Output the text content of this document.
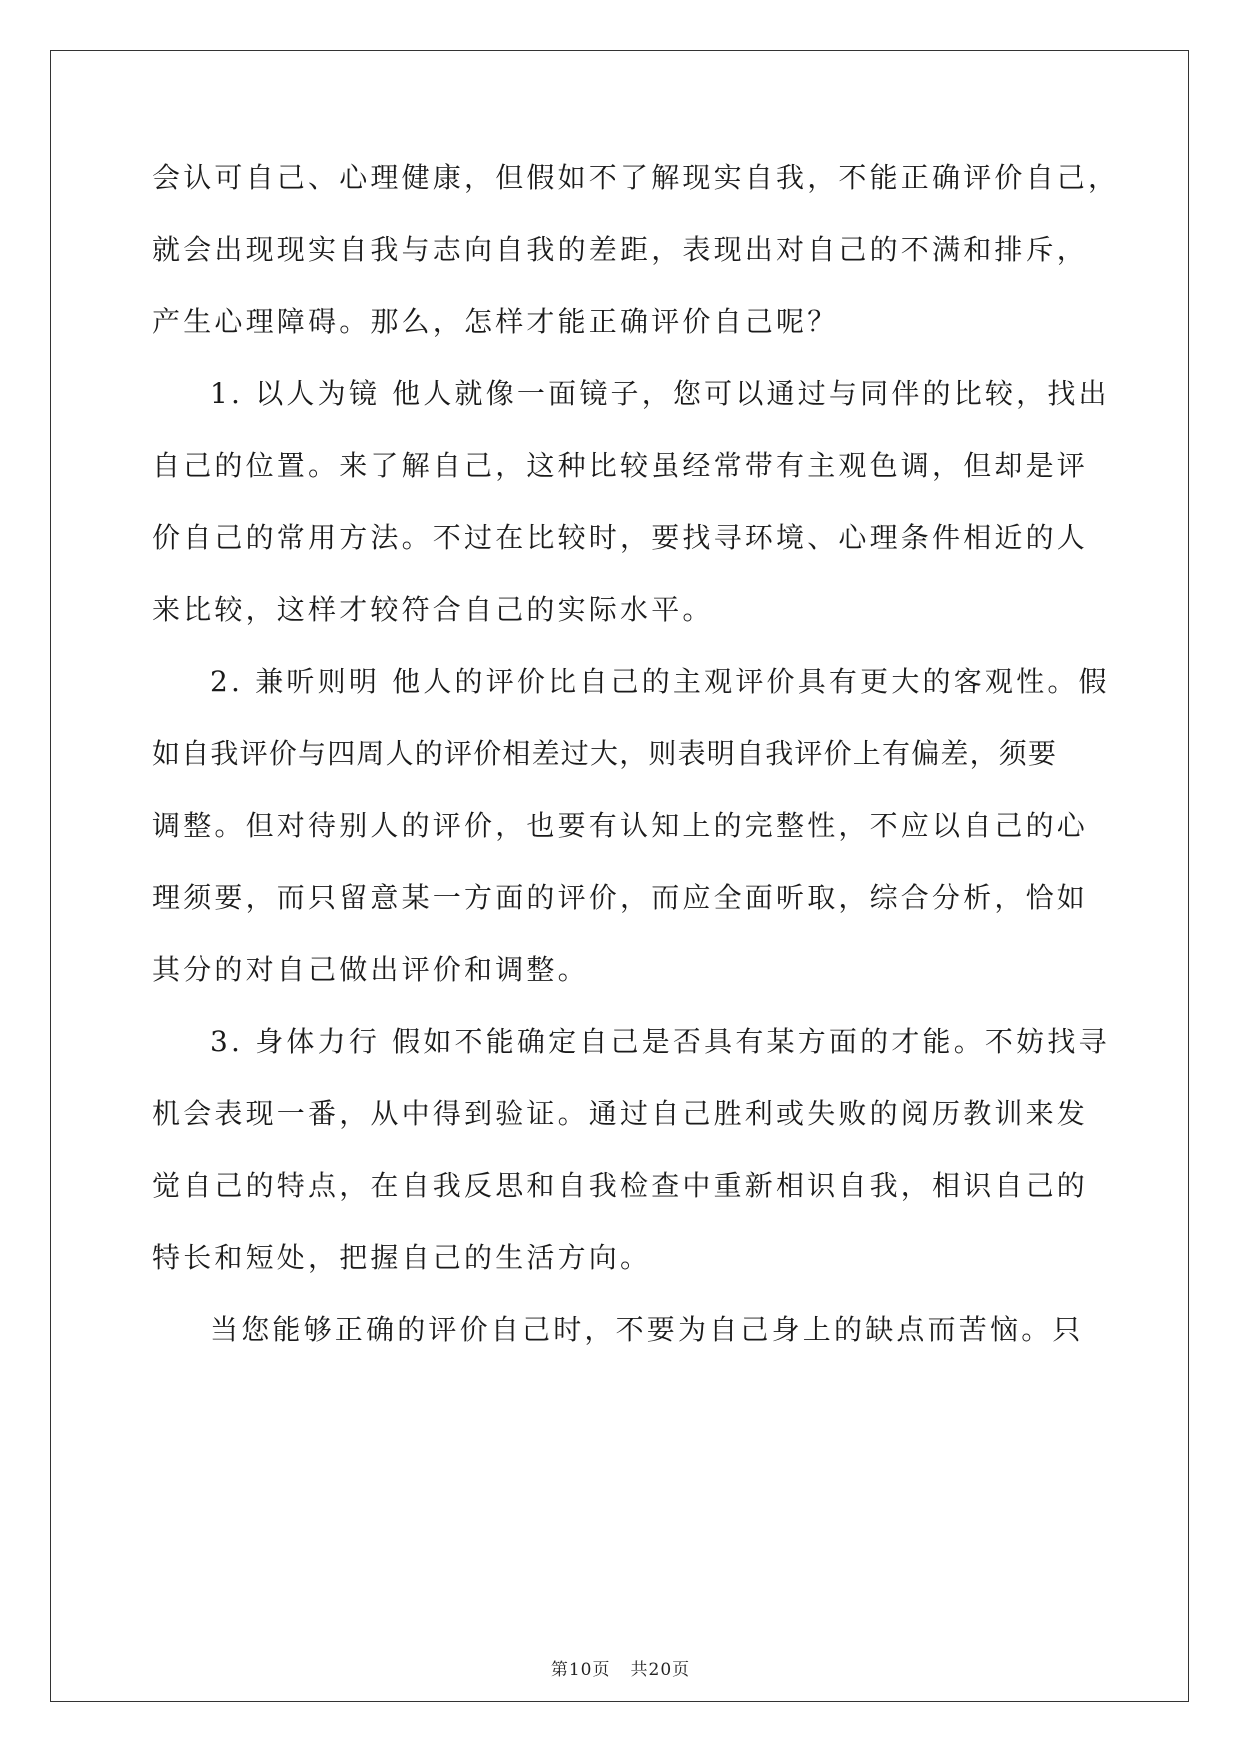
会认可自己、心理健康，但假如不了解现实自我，不能正确评价自己，
就会出现现实自我与志向自我的差距，表现出对自己的不满和排斥，
产生心理障碍。那么，怎样才能正确评价自己呢？
1. 以人为镜 他人就像一面镜子，您可以通过与同伴的比较，找出
自己的位置。来了解自己，这种比较虽经常带有主观色调，但却是评
价自己的常用方法。不过在比较时，要找寻环境、心理条件相近的人
来比较，这样才较符合自己的实际水平。
2. 兼听则明 他人的评价比自己的主观评价具有更大的客观性。假
如自我评价与四周人的评价相差过大，则表明自我评价上有偏差，须要
调整。但对待别人的评价，也要有认知上的完整性，不应以自己的心
理须要，而只留意某一方面的评价，而应全面听取，综合分析，恰如
其分的对自己做出评价和调整。
3. 身体力行 假如不能确定自己是否具有某方面的才能。不妨找寻
机会表现一番，从中得到验证。通过自己胜利或失败的阅历教训来发
觉自己的特点，在自我反思和自我检查中重新相识自我，相识自己的
特长和短处，把握自己的生活方向。
当您能够正确的评价自己时，不要为自己身上的缺点而苦恼。只
第10页 共20页
